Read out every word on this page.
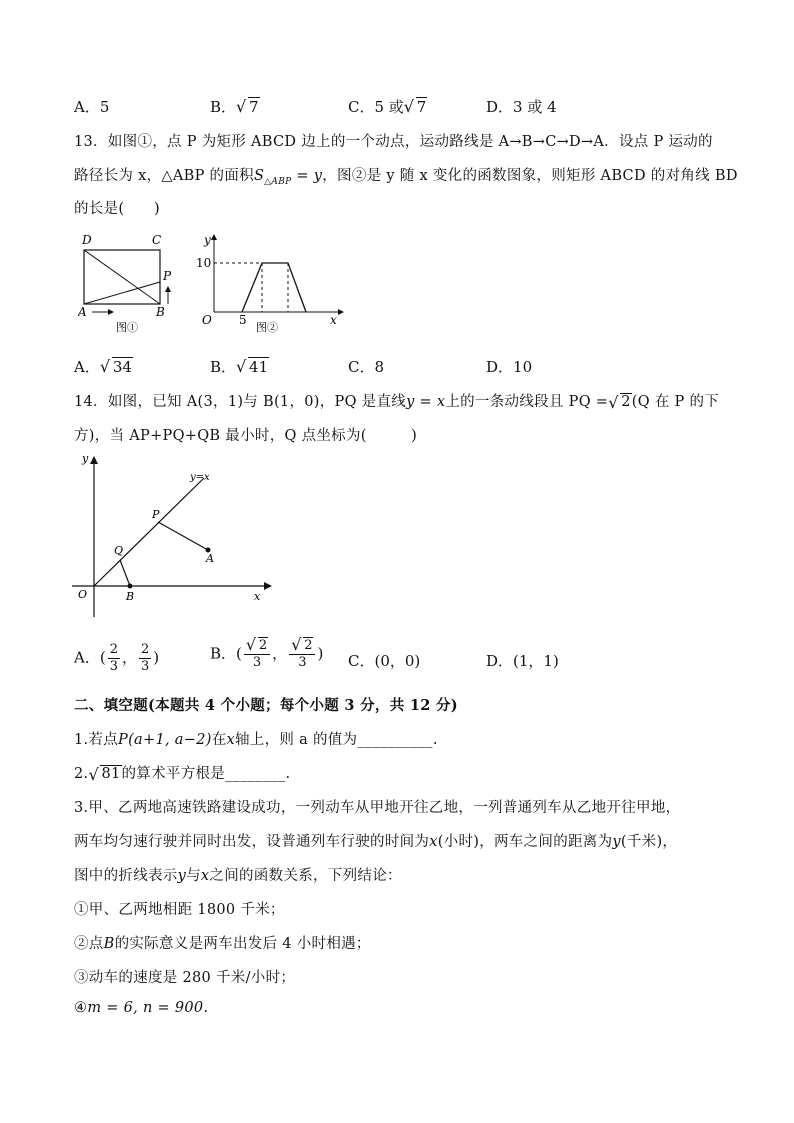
A．5	B． √ 7	C．5 或 √ 7	D．3 或 4
13．如图①，点 P 为矩形 ABCD 边上的一个动点，运动路线是 A→B→C→D→A．设点 P 运动的
路径长为 x，△ABP 的面积$S_{\triangle ABP} = y$，图②是 y 随 x 变化的函数图象，则矩形 ABCD 的对角线 BD
的长是(　　)
D	C
P
A	B
图①
y
10
O 5	x
图②
A． √ 34	B． √ 41	C．8	D．10
14．如图，已知 A(3，1)与 B(1，0)，PQ 是直线y = x上的一条动线段且 PQ = √ 2(Q 在 P 的下
方)，当 AP+PQ+QB 最小时，Q 点坐标为(　　　)
y
y=x
P
Q
A
O	B	x
A．( $\frac{2}{3}$ ， $\frac{2}{3}$ )	B．( √ $\frac{2}{3}$ ， √ $\frac{2}{3}$ ) C．(0，0)	D．(1，1)
二、填空题(本题共 4 个小题；每个小题 3 分，共 12 分)
1.若点P(a+1, a−2)在x轴上，则 a 的值为__________.
2. √ 81的算术平方根是________.
3.甲、乙两地高速铁路建设成功，一列动车从甲地开往乙地，一列普通列车从乙地开往甲地，
两车均匀速行驶并同时出发，设普通列车行驶的时间为x(小时)，两车之间的距离为y(千米)，
图中的折线表示y与x之间的函数关系，下列结论：
①甲、乙两地相距 1800 千米；
②点B的实际意义是两车出发后 4 小时相遇；
③动车的速度是 280 千米/小时；
④m = 6, n = 900.
